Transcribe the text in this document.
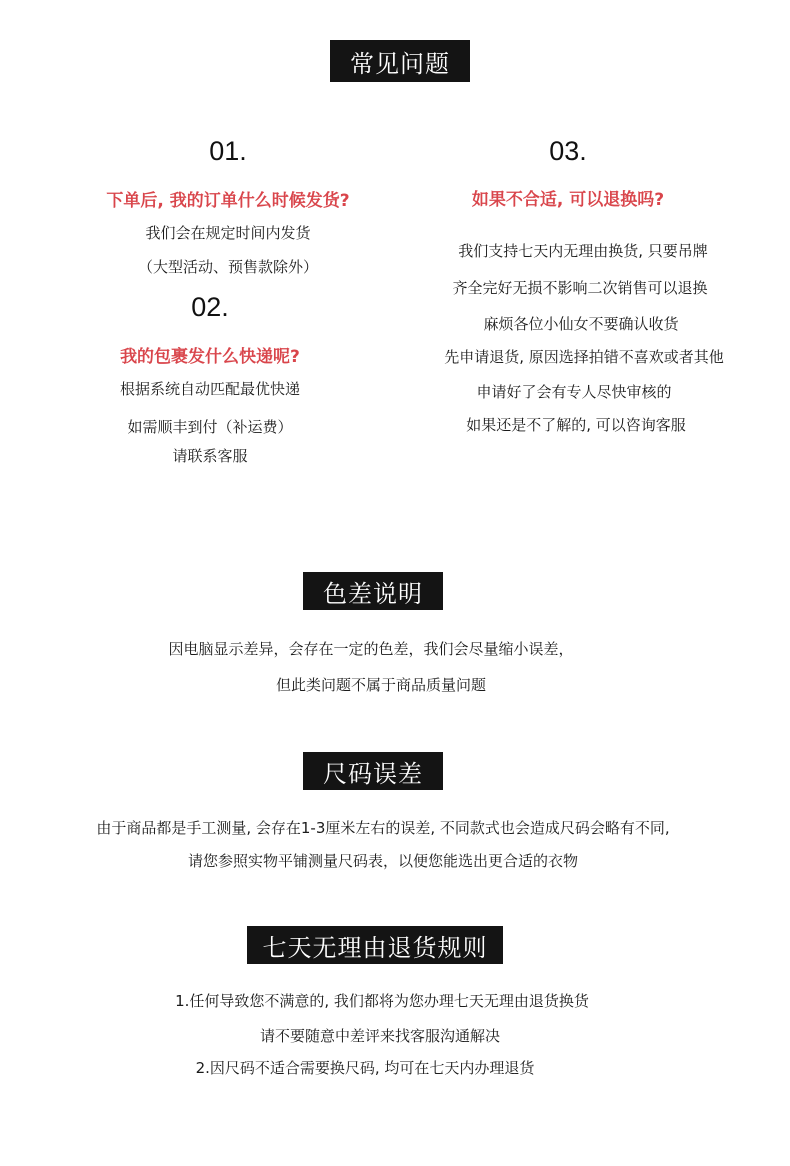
常见问题
01.
下单后, 我的订单什么时候发货?
我们会在规定时间内发货
（大型活动、预售款除外）
02.
我的包裹发什么快递呢?
根据系统自动匹配最优快递
如需顺丰到付（补运费）
请联系客服
03.
如果不合适, 可以退换吗?
我们支持七天内无理由换货, 只要吊牌
齐全完好无损不影响二次销售可以退换
麻烦各位小仙女不要确认收货
先申请退货, 原因选择拍错不喜欢或者其他
申请好了会有专人尽快审核的
如果还是不了解的, 可以咨询客服
色差说明
因电脑显示差异，会存在一定的色差，我们会尽量缩小误差，
但此类问题不属于商品质量问题
尺码误差
由于商品都是手工测量, 会存在1-3厘米左右的误差, 不同款式也会造成尺码会略有不同,
请您参照实物平铺测量尺码表，以便您能选出更合适的衣物
七天无理由退货规则
1.任何导致您不满意的, 我们都将为您办理七天无理由退货换货
请不要随意中差评来找客服沟通解决
2.因尺码不适合需要换尺码, 均可在七天内办理退货
